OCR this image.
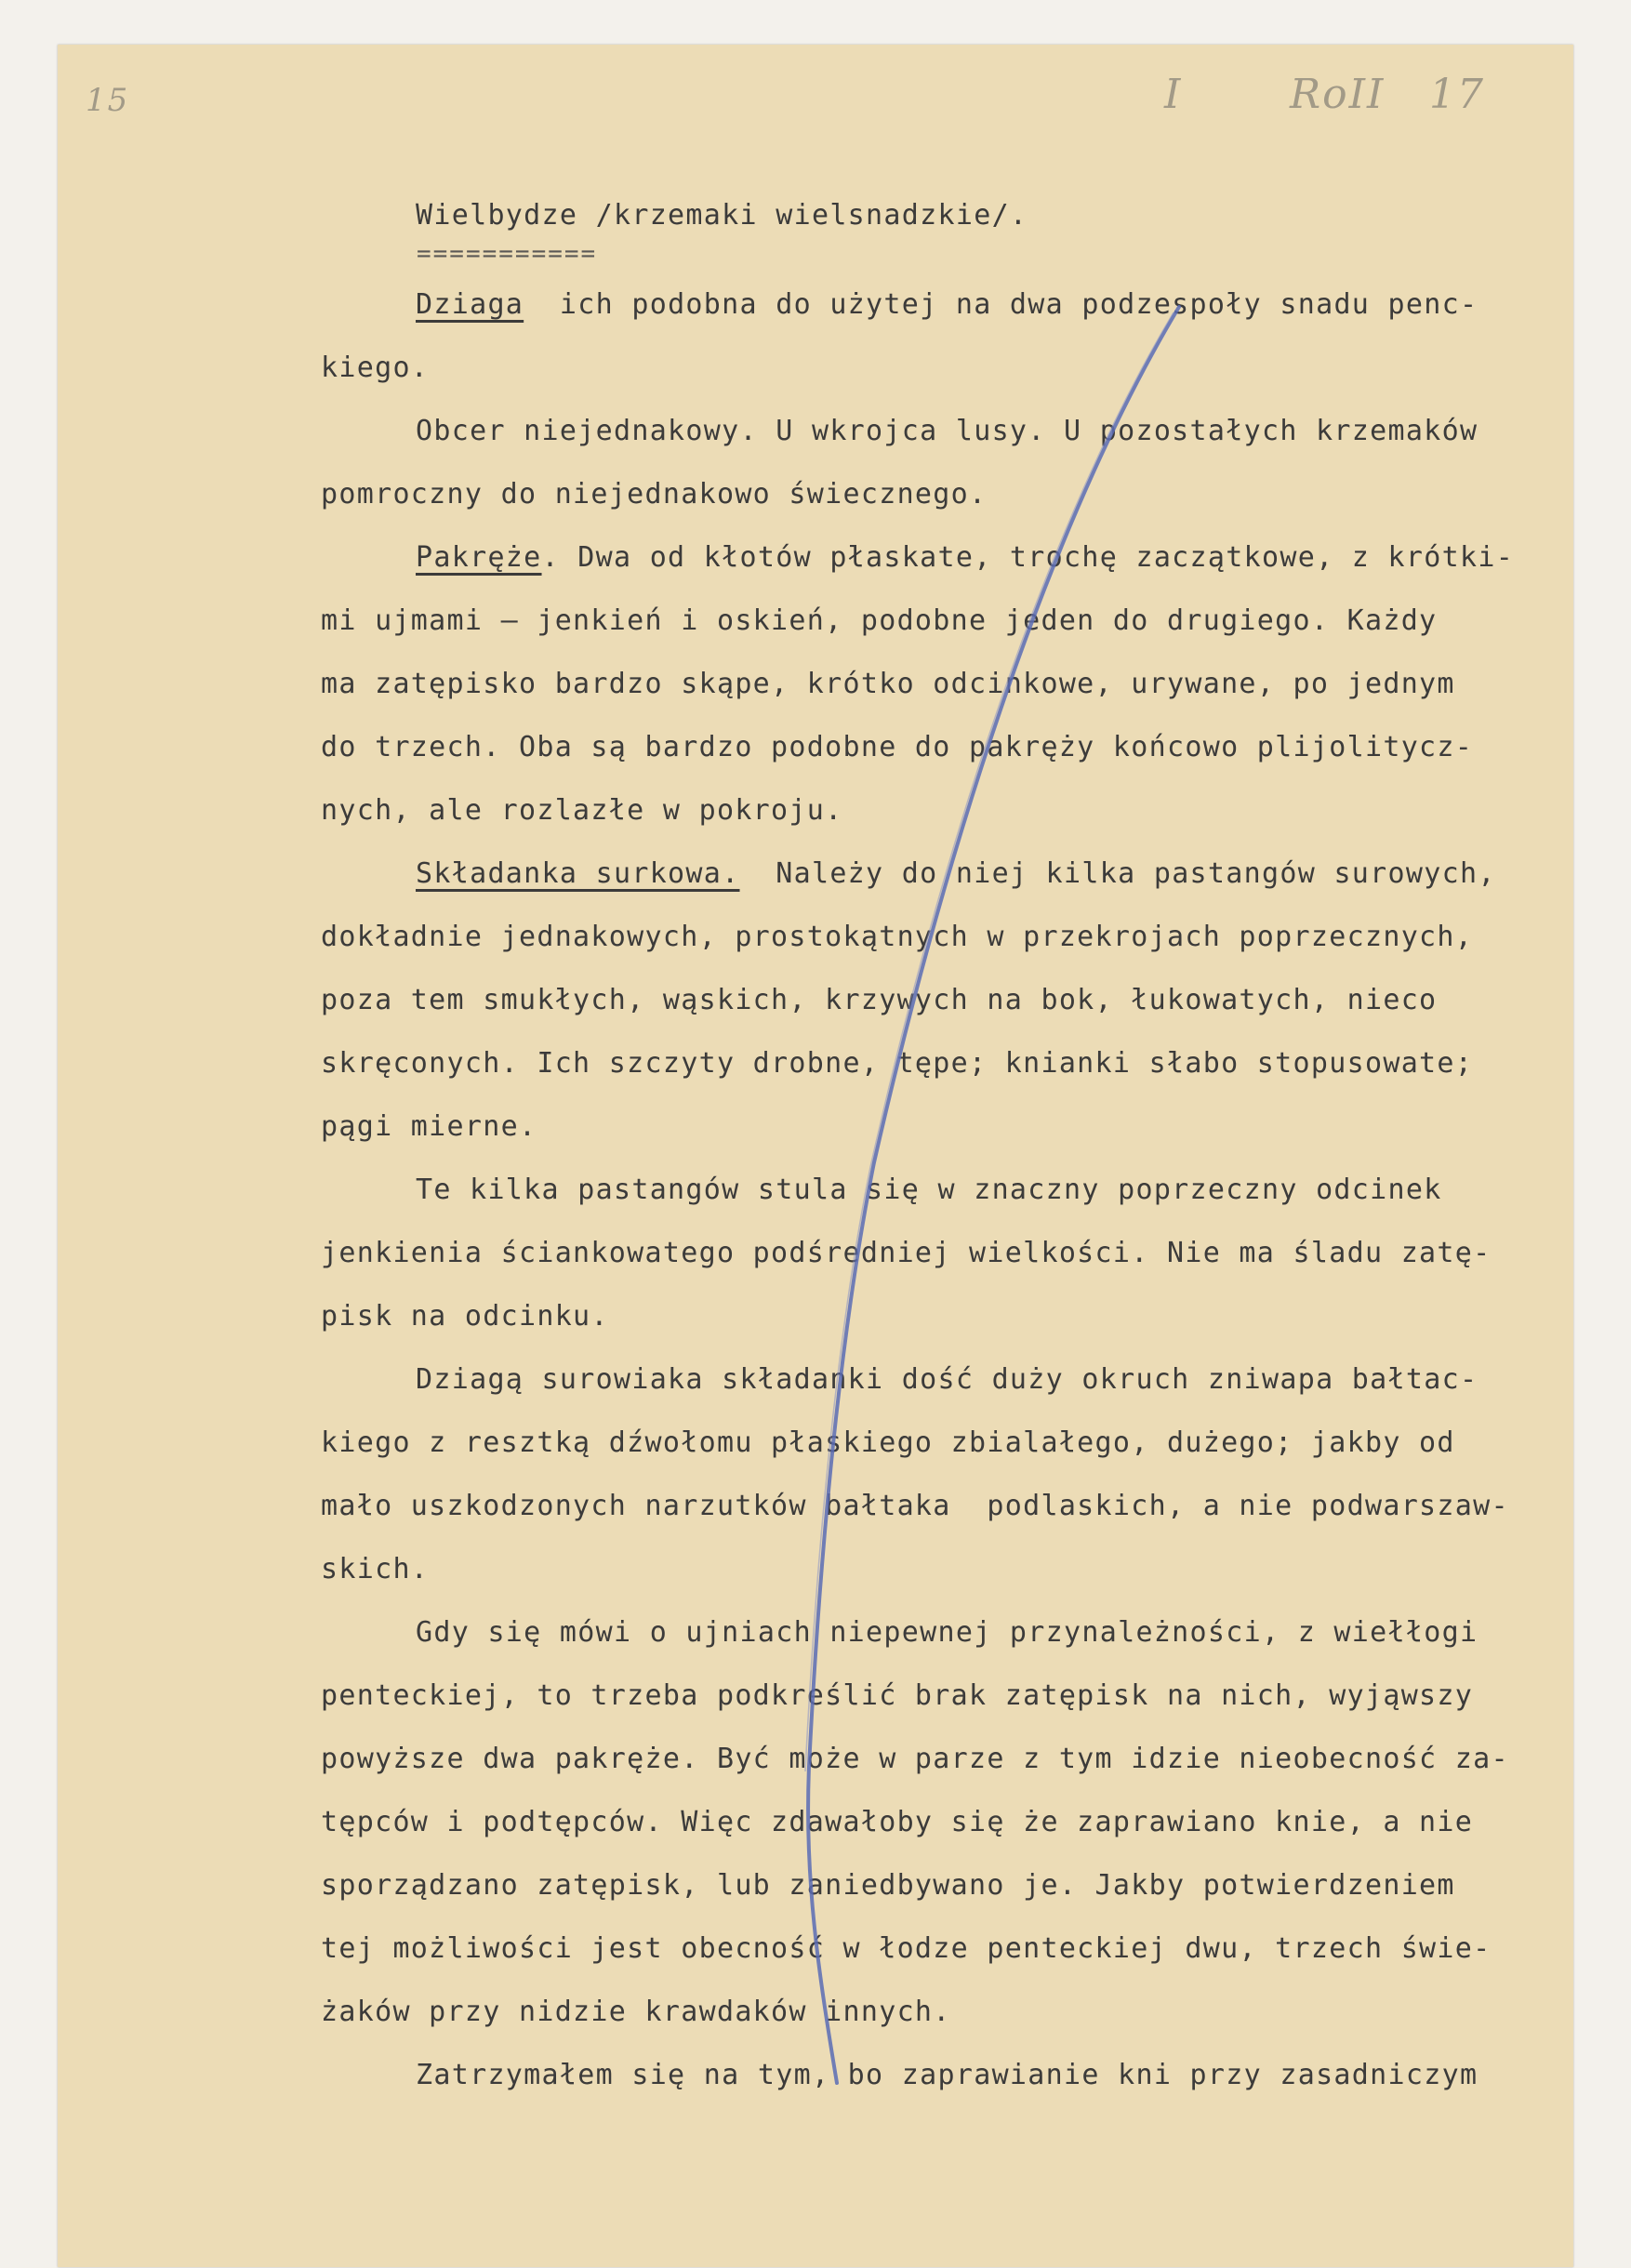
15	I	RoII 17
Wielbydze /krzemaki wielsnadzkie/.
Dziaga  ich podobna do użytej na dwa podzespoły snadu penc-
kiego.
Obcer niejednakowy. U wkrojca lusy. U pozostałych krzemaków
pomroczny do niejednakowo świecznego.
Pakręże. Dwa od kłotów płaskate, trochę zaczątkowe, z krótki-
mi ujmami — jenkień i oskień, podobne jeden do drugiego. Każdy
ma zatępisko bardzo skąpe, krótko odcinkowe, urywane, po jednym
do trzech. Oba są bardzo podobne do pakręży końcowo plijolitycz-
nych, ale rozlazłe w pokroju.
Składanka surkowa.  Należy do niej kilka pastangów surowych,
dokładnie jednakowych, prostokątnych w przekrojach poprzecznych,
poza tem smukłych, wąskich, krzywych na bok, łukowatych, nieco
skręconych. Ich szczyty drobne, tępe; knianki słabo stopusowate;
pągi mierne.
Te kilka pastangów stula się w znaczny poprzeczny odcinek
jenkienia ściankowatego podśredniej wielkości. Nie ma śladu zatę-
pisk na odcinku.
Dziagą surowiaka składanki dość duży okruch zniwapa bałtac-
kiego z resztką dźwołomu płaskiego zbialałego, dużego; jakby od
mało uszkodzonych narzutków bałtaka  podlaskich, a nie podwarszaw-
skich.
Gdy się mówi o ujniach niepewnej przynależności, z wiełłogi
penteckiej, to trzeba podkreślić brak zatępisk na nich, wyjąwszy
powyższe dwa pakręże. Być może w parze z tym idzie nieobecność za-
tępców i podtępców. Więc zdawałoby się że zaprawiano knie, a nie
sporządzano zatępisk, lub zaniedbywano je. Jakby potwierdzeniem
tej możliwości jest obecność w łodze penteckiej dwu, trzech świe-
żaków przy nidzie krawdaków innych.
Zatrzymałem się na tym, bo zaprawianie kni przy zasadniczym
===========
